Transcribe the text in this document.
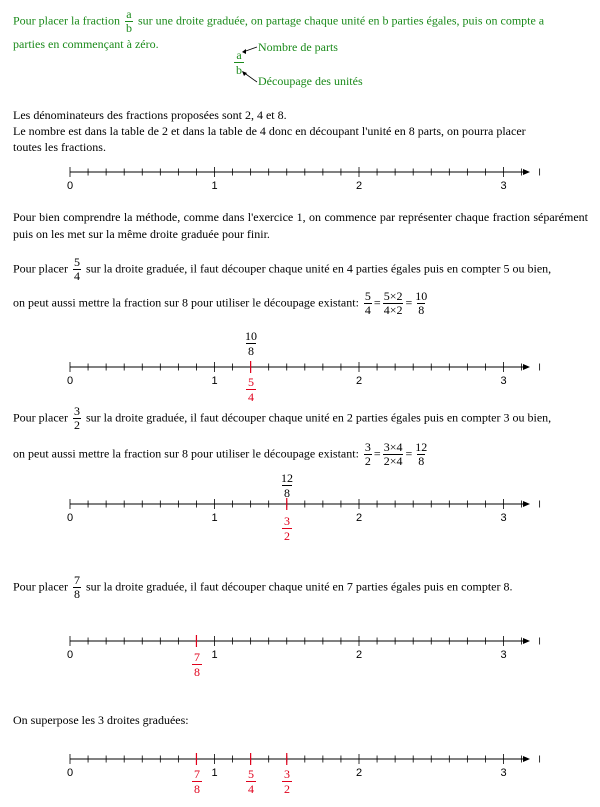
Pour placer la fraction $\frac{a}{b}$ sur une droite graduée, on partage chaque unité en b parties égales, puis on compte a
parties en commençant à zéro.
a
b
Nombre de parts
Découpage des unités
Les dénominateurs des fractions proposées sont 2, 4 et 8.
Le nombre est dans la table de 2 et dans la table de 4 donc en découpant l'unité en 8 parts, on pourra placer
toutes les fractions.
0	1	2	3
Pour bien comprendre la méthode, comme dans l'exercice 1, on commence par représenter chaque fraction séparément puis on les met sur la même droite graduée pour finir.
Pour placer $\frac{5}{4}$ sur la droite graduée, il faut découper chaque unité en 4 parties égales puis en compter 5 ou bien,
on peut aussi mettre la fraction sur 8 pour utiliser le découpage existant: $\frac{5}{4} = \frac{5\times 2}{4\times 2} = \frac{10}{8}$
$\frac{10}{8}$
0	1	2	3
$\frac{5}{4}$
Pour placer $\frac{3}{2}$ sur la droite graduée, il faut découper chaque unité en 2 parties égales puis en compter 3 ou bien,
on peut aussi mettre la fraction sur 8 pour utiliser le découpage existant: $\frac{3}{2} = \frac{3\times 4}{2\times 4} = \frac{12}{8}$
$\frac{12}{8}$
0	1	2	3
$\frac{3}{2}$
Pour placer $\frac{7}{8}$ sur la droite graduée, il faut découper chaque unité en 7 parties égales puis en compter 8.
0	1	2	3
$\frac{7}{8}$
On superpose les 3 droites graduées:
0	1	2	3
$\frac{7}{8}$	$\frac{5}{4} \frac{3}{2}$
